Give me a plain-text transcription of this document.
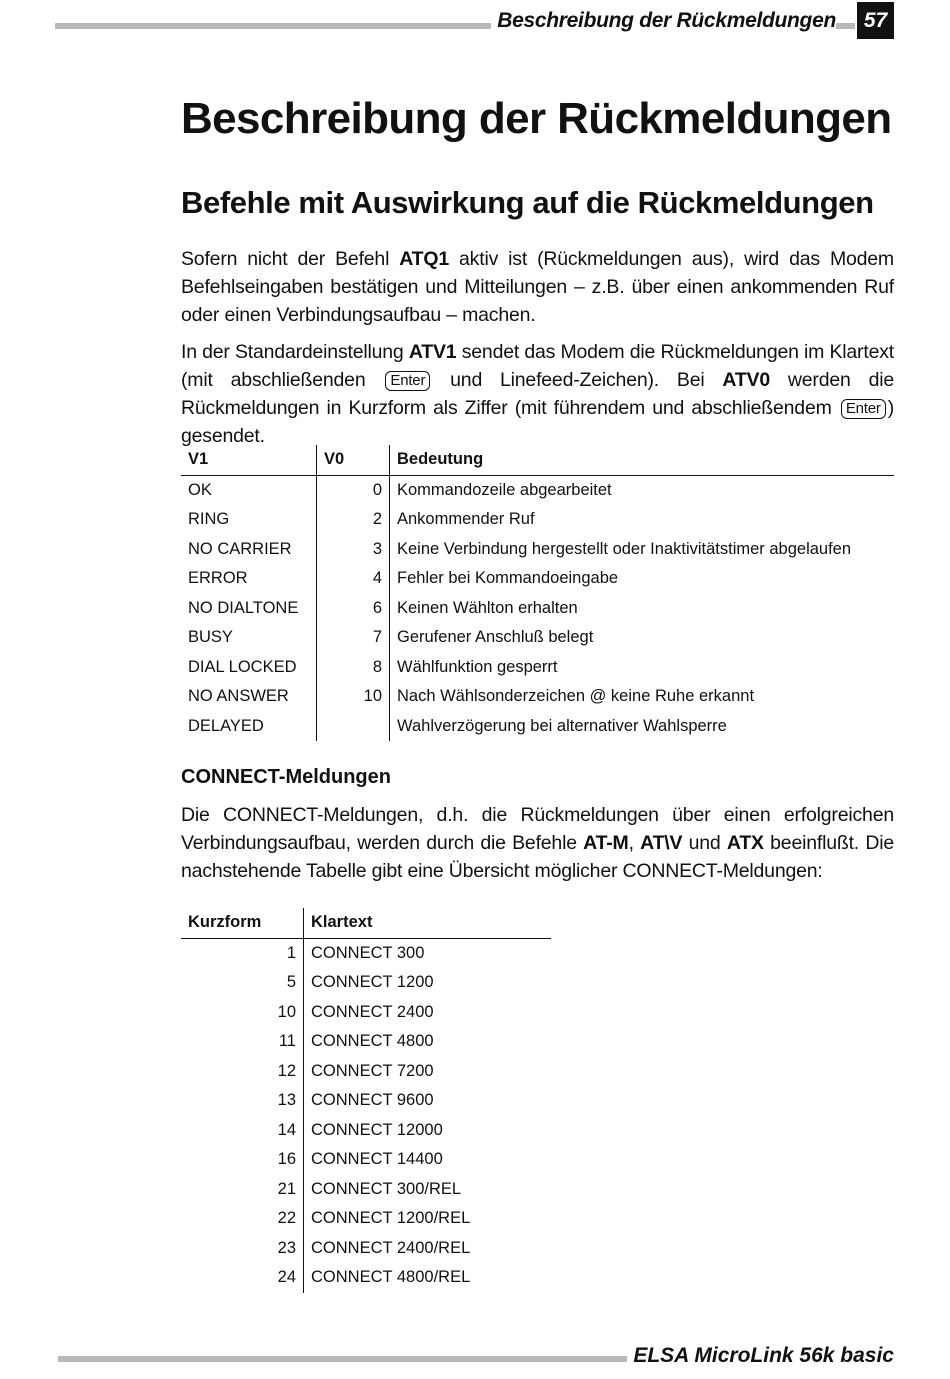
Beschreibung der Rückmeldungen	57
Beschreibung der Rückmeldungen
Befehle mit Auswirkung auf die Rückmeldungen

Sofern nicht der Befehl ATQ1 aktiv ist (Rückmeldungen aus), wird das Modem Befehlseingaben bestätigen und Mitteilungen – z.B. über einen ankommenden Ruf oder einen Verbindungsaufbau – machen.

In der Standardeinstellung ATV1 sendet das Modem die Rückmeldungen im Klartext (mit abschließenden Enter und Linefeed-Zeichen). Bei ATV0 werden die Rückmeldungen in Kurzform als Ziffer (mit führendem und abschließendem Enter ) gesendet.

V1	V0	Bedeutung
OK	0	Kommandozeile abgearbeitet
RING	2	Ankommender Ruf
NO CARRIER	3	Keine Verbindung hergestellt oder Inaktivitätstimer abgelaufen
ERROR	4	Fehler bei Kommandoeingabe
NO DIALTONE	6	Keinen Wählton erhalten
BUSY	7	Gerufener Anschluß belegt
DIAL LOCKED	8	Wählfunktion gesperrt
NO ANSWER	10	Nach Wählsonderzeichen @ keine Ruhe erkannt
DELAYED		Wahlverzögerung bei alternativer Wahlsperre
CONNECT-Meldungen

Die CONNECT-Meldungen, d.h. die Rückmeldungen über einen erfolgreichen Verbindungsaufbau, werden durch die Befehle AT-M, AT\V und ATX beeinflußt. Die nachstehende Tabelle gibt eine Übersicht möglicher CONNECT-Meldungen:

Kurzform	Klartext
1	CONNECT 300
5	CONNECT 1200
10	CONNECT 2400
11	CONNECT 4800
12	CONNECT 7200
13	CONNECT 9600
14	CONNECT 12000
16	CONNECT 14400
21	CONNECT 300/REL
22	CONNECT 1200/REL
23	CONNECT 2400/REL
24	CONNECT 4800/REL
ELSA MicroLink 56k basic
